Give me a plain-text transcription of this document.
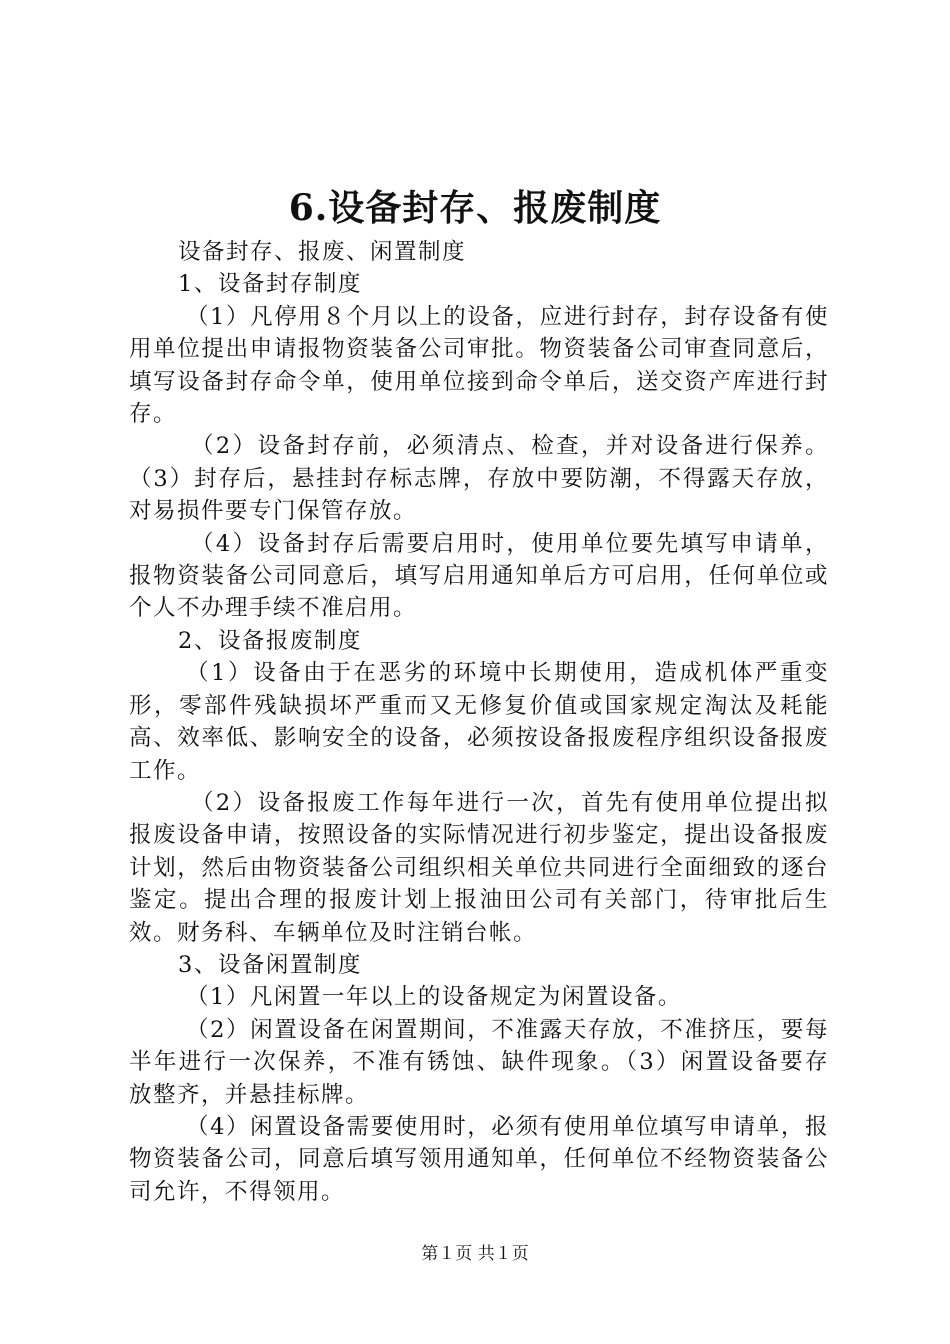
6.设备封存、报废制度

设备封存、报废、闲置制度

1、设备封存制度

（1）凡停用８个月以上的设备，应进行封存，封存设备有使用单位提出申请报物资装备公司审批。物资装备公司审查同意后，填写设备封存命令单，使用单位接到命令单后，送交资产库进行封存。

（2）设备封存前，必须清点、检查，并对设备进行保养。（3）封存后，悬挂封存标志牌，存放中要防潮，不得露天存放，对易损件要专门保管存放。

（4）设备封存后需要启用时，使用单位要先填写申请单，报物资装备公司同意后，填写启用通知单后方可启用，任何单位或个人不办理手续不准启用。

2、设备报废制度

（1）设备由于在恶劣的环境中长期使用，造成机体严重变形，零部件残缺损坏严重而又无修复价值或国家规定淘汰及耗能高、效率低、影响安全的设备，必须按设备报废程序组织设备报废工作。

（2）设备报废工作每年进行一次，首先有使用单位提出拟报废设备申请，按照设备的实际情况进行初步鉴定，提出设备报废计划，然后由物资装备公司组织相关单位共同进行全面细致的逐台鉴定。提出合理的报废计划上报油田公司有关部门，待审批后生效。财务科、车辆单位及时注销台帐。

3、设备闲置制度

（1）凡闲置一年以上的设备规定为闲置设备。

（2）闲置设备在闲置期间，不准露天存放，不准挤压，要每半年进行一次保养，不准有锈蚀、缺件现象。（3）闲置设备要存放整齐，并悬挂标牌。

（4）闲置设备需要使用时，必须有使用单位填写申请单，报物资装备公司，同意后填写领用通知单，任何单位不经物资装备公司允许，不得领用。

第１页 共１页
